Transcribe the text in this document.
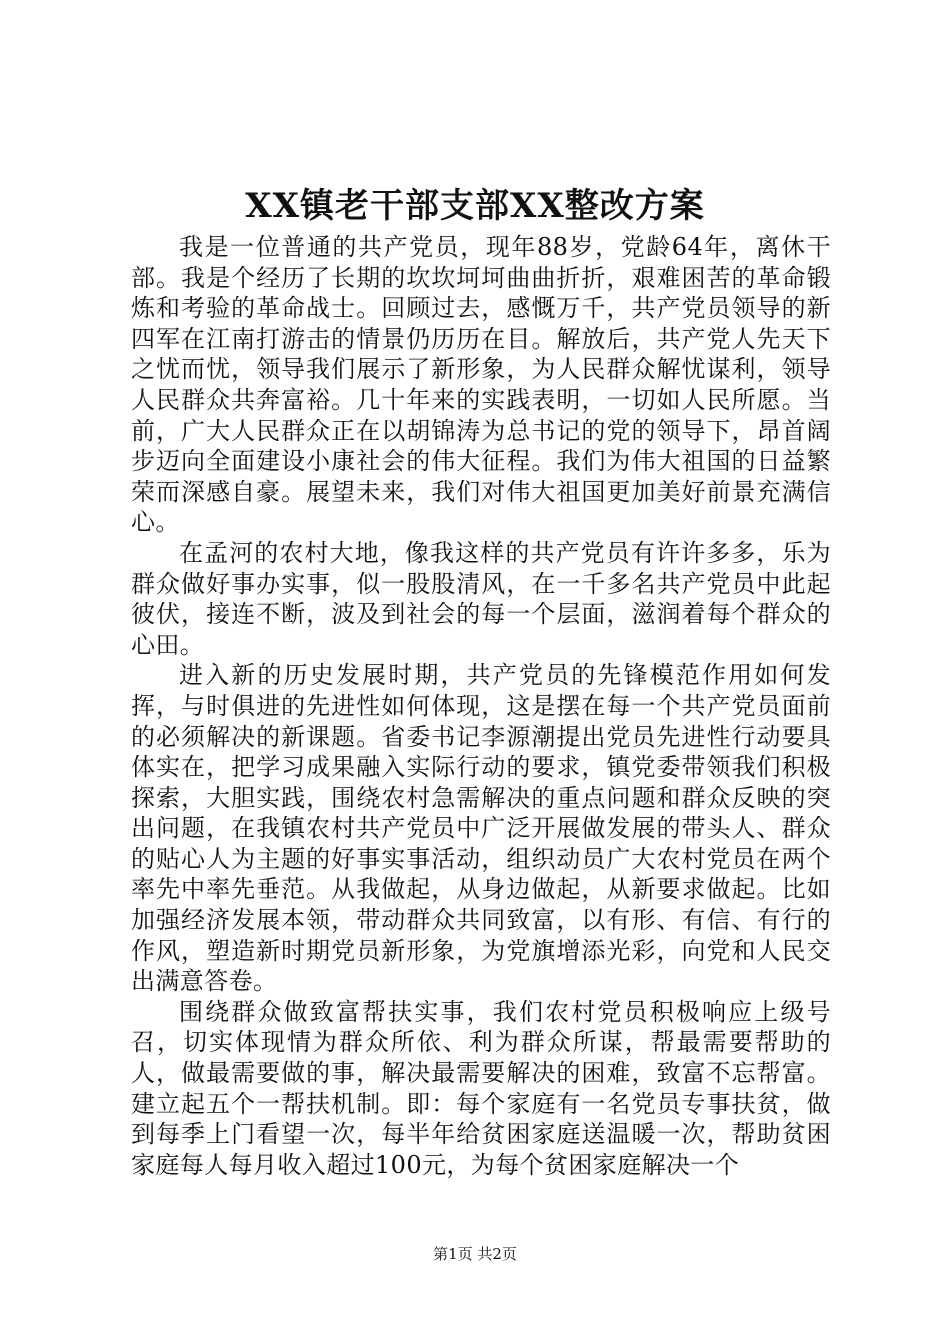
XX镇老干部支部XX整改方案

我是一位普通的共产党员，现年88岁，党龄64年，离休干部。我是个经历了长期的坎坎坷坷曲曲折折，艰难困苦的革命锻炼和考验的革命战士。回顾过去，感慨万千，共产党员领导的新四军在江南打游击的情景仍历历在目。解放后，共产党人先天下之忧而忧，领导我们展示了新形象，为人民群众解忧谋利，领导人民群众共奔富裕。几十年来的实践表明，一切如人民所愿。当前，广大人民群众正在以胡锦涛为总书记的党的领导下，昂首阔步迈向全面建设小康社会的伟大征程。我们为伟大祖国的日益繁荣而深感自豪。展望未来，我们对伟大祖国更加美好前景充满信心。

在孟河的农村大地，像我这样的共产党员有许许多多，乐为群众做好事办实事，似一股股清风，在一千多名共产党员中此起彼伏，接连不断，波及到社会的每一个层面，滋润着每个群众的心田。

进入新的历史发展时期，共产党员的先锋模范作用如何发挥，与时俱进的先进性如何体现，这是摆在每一个共产党员面前的必须解决的新课题。省委书记李源潮提出党员先进性行动要具体实在，把学习成果融入实际行动的要求，镇党委带领我们积极探索，大胆实践，围绕农村急需解决的重点问题和群众反映的突出问题，在我镇农村共产党员中广泛开展做发展的带头人、群众的贴心人为主题的好事实事活动，组织动员广大农村党员在两个率先中率先垂范。从我做起，从身边做起，从新要求做起。比如加强经济发展本领，带动群众共同致富，以有形、有信、有行的作风，塑造新时期党员新形象，为党旗增添光彩，向党和人民交出满意答卷。

围绕群众做致富帮扶实事，我们农村党员积极响应上级号召，切实体现情为群众所依、利为群众所谋，帮最需要帮助的人，做最需要做的事，解决最需要解决的困难，致富不忘帮富。建立起五个一帮扶机制。即：每个家庭有一名党员专事扶贫，做到每季上门看望一次，每半年给贫困家庭送温暖一次，帮助贫困家庭每人每月收入超过100元，为每个贫困家庭解决一个

第1页 共2页
